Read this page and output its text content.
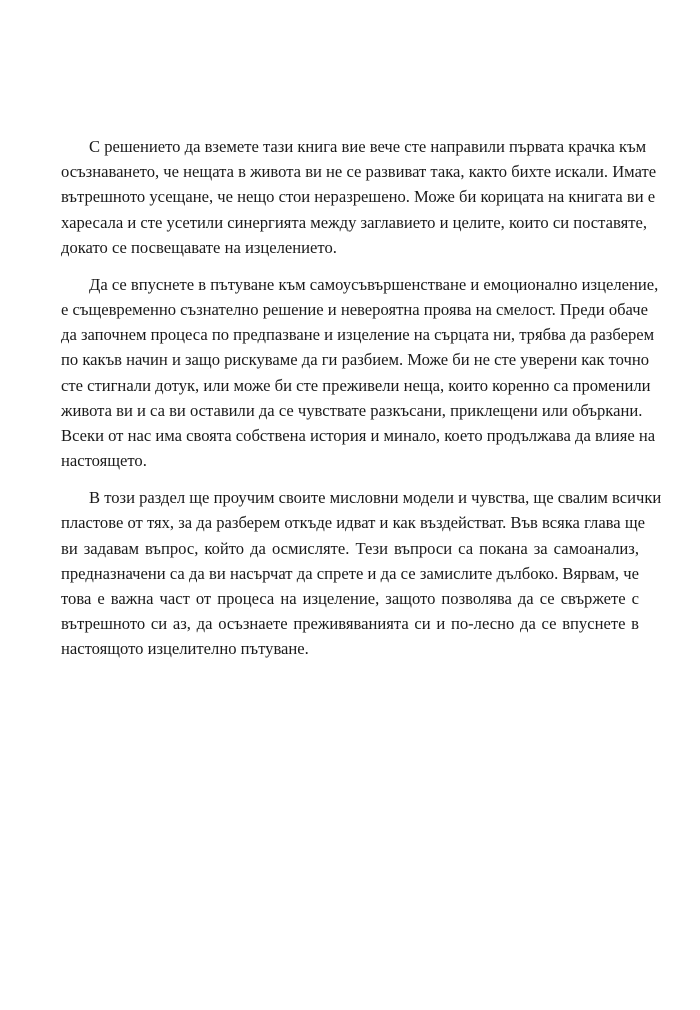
С решението да вземете тази книга вие вече сте направили първата крачка към
осъзнаването, че нещата в живота ви не се развиват така, както бихте искали. Имате
вътрешното усещане, че нещо стои неразрешено. Може би корицата на книгата ви е
харесала и сте усетили синергията между заглавието и целите, които си поставяте,
докато се посвещавате на изцелението.

Да се впуснете в пътуване към самоусъвършенстване и емоционално изцеление,
е същевременно съзнателно решение и невероятна проява на смелост. Преди обаче
да започнем процеса по предпазване и изцеление на сърцата ни, трябва да разберем
по какъв начин и защо рискуваме да ги разбием. Може би не сте уверени как точно
сте стигнали дотук, или може би сте преживели неща, които коренно са променили
живота ви и са ви оставили да се чувствате разкъсани, приклещени или объркани.
Всеки от нас има своята собствена история и минало, което продължава да влияе на
настоящето.

В този раздел ще проучим своите мисловни модели и чувства, ще свалим всички
пластове от тях, за да разберем откъде идват и как въздействат. Във всяка глава ще
ви задавам въпрос, който да осмисляте. Тези въпроси са покана за самоанализ,
предназначени са да ви насърчат да спрете и да се замислите дълбоко. Вярвам, че
това е важна част от процеса на изцеление, защото позволява да се свържете с
вътрешното си аз, да осъзнаете преживяванията си и по-лесно да се впуснете в
настоящото изцелително пътуване.
